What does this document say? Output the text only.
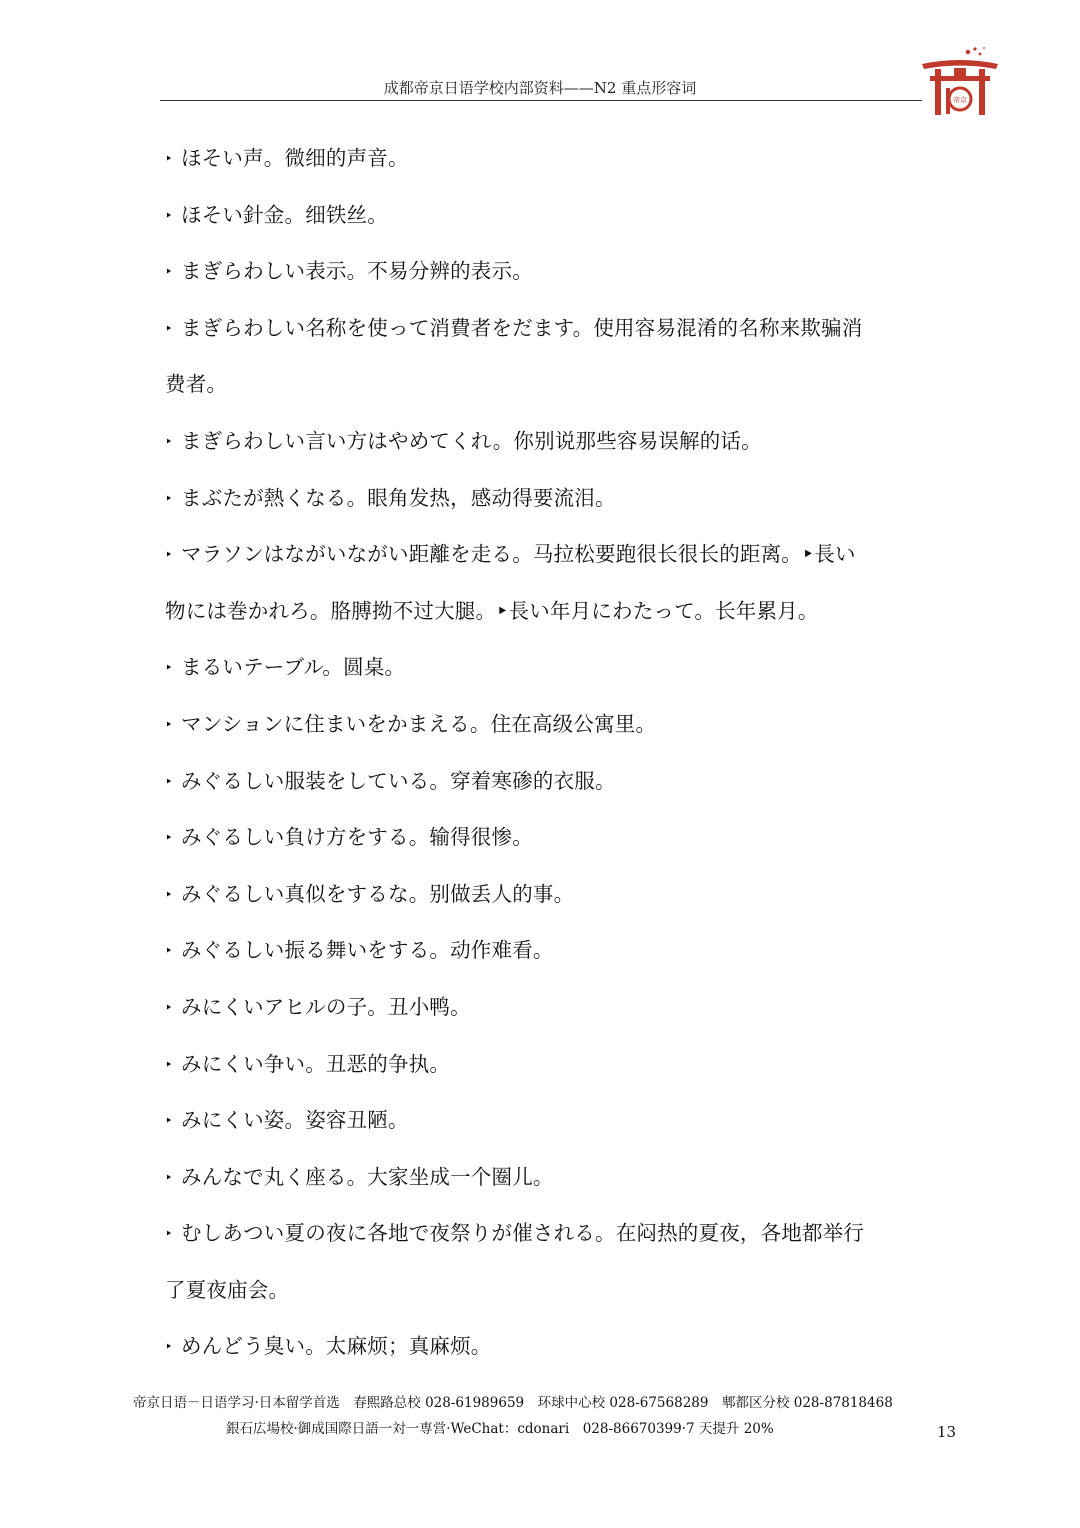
成都帝京日语学校内部资料——N2 重点形容词
帝京
‣ ほそい声。微细的声音。
‣ ほそい針金。细铁丝。
‣ まぎらわしい表示。不易分辨的表示。
‣ まぎらわしい名称を使って消費者をだます。使用容易混淆的名称来欺骗消
费者。
‣ まぎらわしい言い方はやめてくれ。你别说那些容易误解的话。
‣ まぶたが熱くなる。眼角发热，感动得要流泪。
‣ マラソンはながいながい距離を走る。马拉松要跑很长很长的距离。‣長い
物には巻かれろ。胳膊拗不过大腿。‣長い年月にわたって。长年累月。
‣ まるいテーブル。圆桌。
‣ マンションに住まいをかまえる。住在高级公寓里。
‣ みぐるしい服装をしている。穿着寒碜的衣服。
‣ みぐるしい負け方をする。输得很惨。
‣ みぐるしい真似をするな。别做丢人的事。
‣ みぐるしい振る舞いをする。动作难看。
‣ みにくいアヒルの子。丑小鸭。
‣ みにくい争い。丑恶的争执。
‣ みにくい姿。姿容丑陋。
‣ みんなで丸く座る。大家坐成一个圈儿。
‣ むしあつい夏の夜に各地で夜祭りが催される。在闷热的夏夜，各地都举行
了夏夜庙会。
‣ めんどう臭い。太麻烦；真麻烦。
帝京日语－日语学习·日本留学首选　春熙路总校 028-61989659　环球中心校 028-67568289　郫都区分校 028-87818468
銀石広場校·御成国際日語一対一専営·WeChat：cdonari　028-86670399·7 天提升 20%	13
